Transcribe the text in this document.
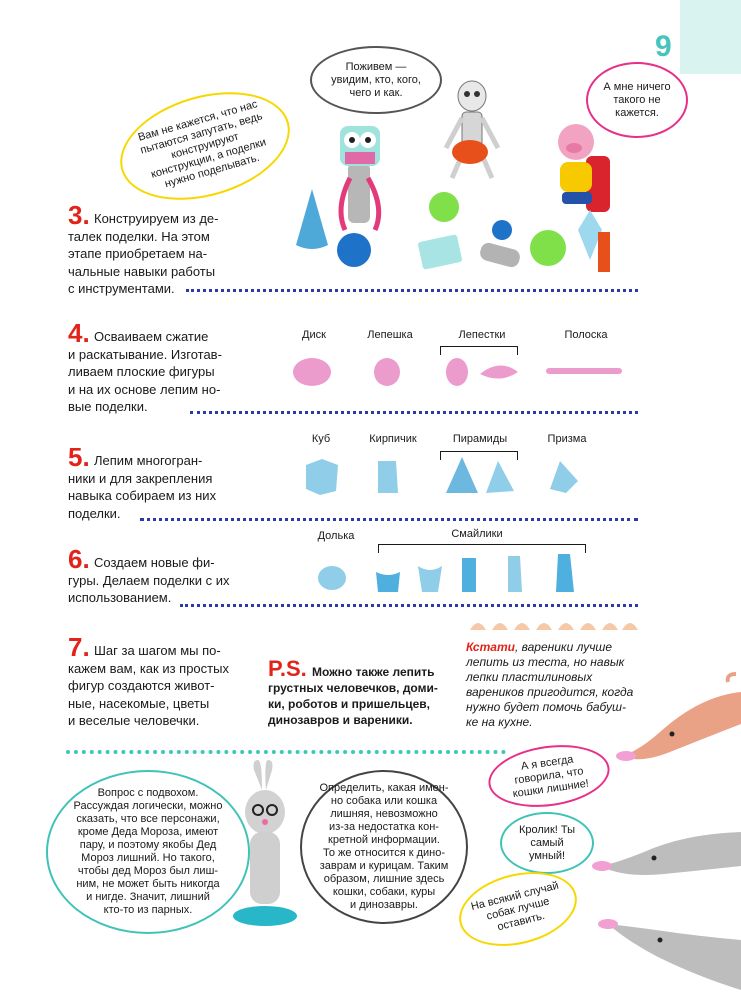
9
Вам не кажется, что нас пытаются запутать, ведь конструируют конструкции, а поделки нужно поделывать.
Поживем — увидим, кто, кого, чего и как.	А мне ничего такого не кажется.
3. Конструируем из де-
талек поделки. На этом
этапе приобретаем на-
чальные навыки работы
с инструментами.
4. Осваиваем сжатие
и раскатывание. Изготав-
ливаем плоские фигуры
и на их основе лепим но-
вые поделки.
Диск	Лепешка	Лепестки	Полоска
5. Лепим многогран-
ники и для закрепления
навыка собираем из них
поделки.
Куб	Кирпичик	Пирамиды	Призма
6. Создаем новые фи-
гуры. Делаем поделки с их
использованием.
Долька	Смайлики
7. Шаг за шагом мы по-
кажем вам, как из простых
фигур создаются живот-
ные, насекомые, цветы
и веселые человечки.
P.S. Можно также лепить
грустных человечков, доми-
ки, роботов и пришельцев,
динозавров и вареники.
Кстати, вареники лучше
лепить из теста, но навык
лепки пластилиновых
вареников пригодится, когда
нужно будет помочь бабуш-
ке на кухне.
Вопрос с подвохом.
Рассуждая логически, можно
сказать, что все персонажи,
кроме Деда Мороза, имеют
пару, и поэтому якобы Дед
Мороз лишний. Но такого,
чтобы дед Мороз был лиш-
ним, не может быть никогда
и нигде. Значит, лишний
кто-то из парных.
Определить, какая имен-
но собака или кошка
лишняя, невозможно
из-за недостатка кон-
кретной информации.
То же относится к дино-
заврам и курицам. Таким
образом, лишние здесь
кошки, собаки, куры
и динозавры.
А я всегда говорила, что кошки лишние!
Кролик! Ты самый умный!
На всякий случай собак лучше оставить.
